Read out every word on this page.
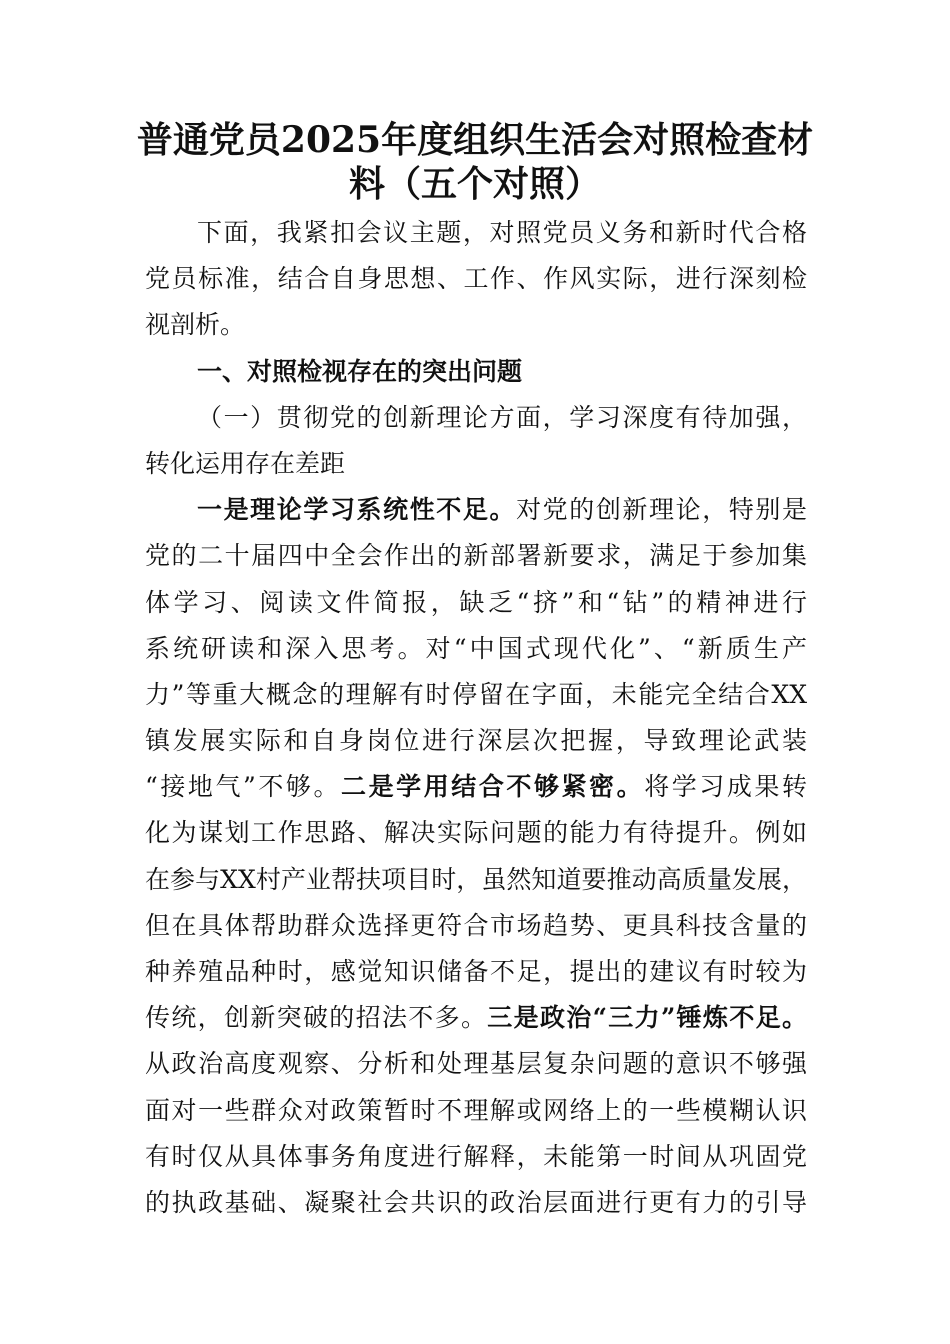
普通党员2025年度组织生活会对照检查材
料（五个对照）
下面，我紧扣会议主题，对照党员义务和新时代合格
党员标准，结合自身思想、工作、作风实际，进行深刻检
视剖析。
一、对照检视存在的突出问题
（一）贯彻党的创新理论方面，学习深度有待加强，
转化运用存在差距
一是理论学习系统性不足。对党的创新理论，特别是
党的二十届四中全会作出的新部署新要求，满足于参加集
体学习、阅读文件简报，缺乏“挤”和“钻”的精神进行
系统研读和深入思考。对“中国式现代化”、“新质生产
力”等重大概念的理解有时停留在字面，未能完全结合XX
镇发展实际和自身岗位进行深层次把握，导致理论武装
“接地气”不够。二是学用结合不够紧密。将学习成果转
化为谋划工作思路、解决实际问题的能力有待提升。例如
在参与XX村产业帮扶项目时，虽然知道要推动高质量发展，
但在具体帮助群众选择更符合市场趋势、更具科技含量的
种养殖品种时，感觉知识储备不足，提出的建议有时较为
传统，创新突破的招法不多。三是政治“三力”锤炼不足。
从政治高度观察、分析和处理基层复杂问题的意识不够强
面对一些群众对政策暂时不理解或网络上的一些模糊认识
有时仅从具体事务角度进行解释，未能第一时间从巩固党
的执政基础、凝聚社会共识的政治层面进行更有力的引导
